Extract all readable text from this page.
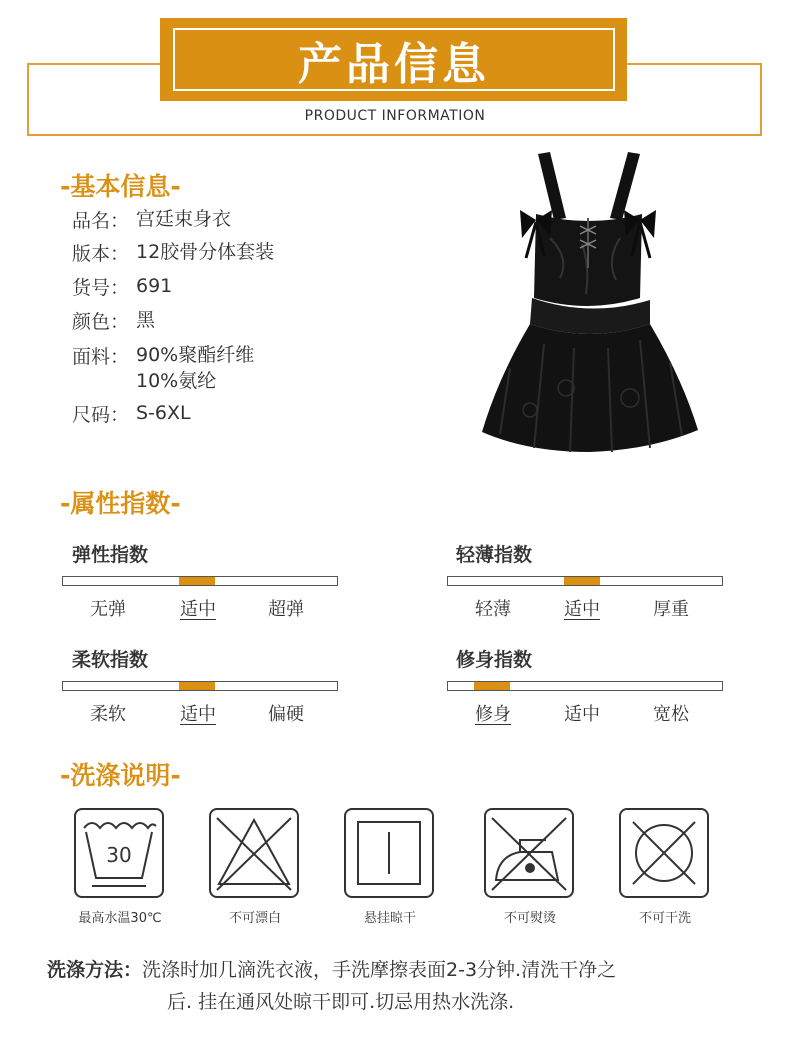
产品信息
PRODUCT INFORMATION
-基本信息-
品名： 宫廷束身衣
版本： 12胶骨分体套装
货号： 691
颜色： 黑
面料： 90%聚酯纤维
10%氨纶
尺码： S-6XL
-属性指数-
弹性指数
无弹	适中	超弹
轻薄指数
轻薄	适中	厚重
柔软指数
柔软	适中	偏硬
修身指数
修身	适中	宽松
-洗涤说明-
30
最高水温30℃	不可漂白	悬挂晾干	不可熨烫	不可干洗
洗涤方法：洗涤时加几滴洗衣液，手洗摩擦表面2-3分钟.清洗干净之
后. 挂在通风处晾干即可.切忌用热水洗涤.
